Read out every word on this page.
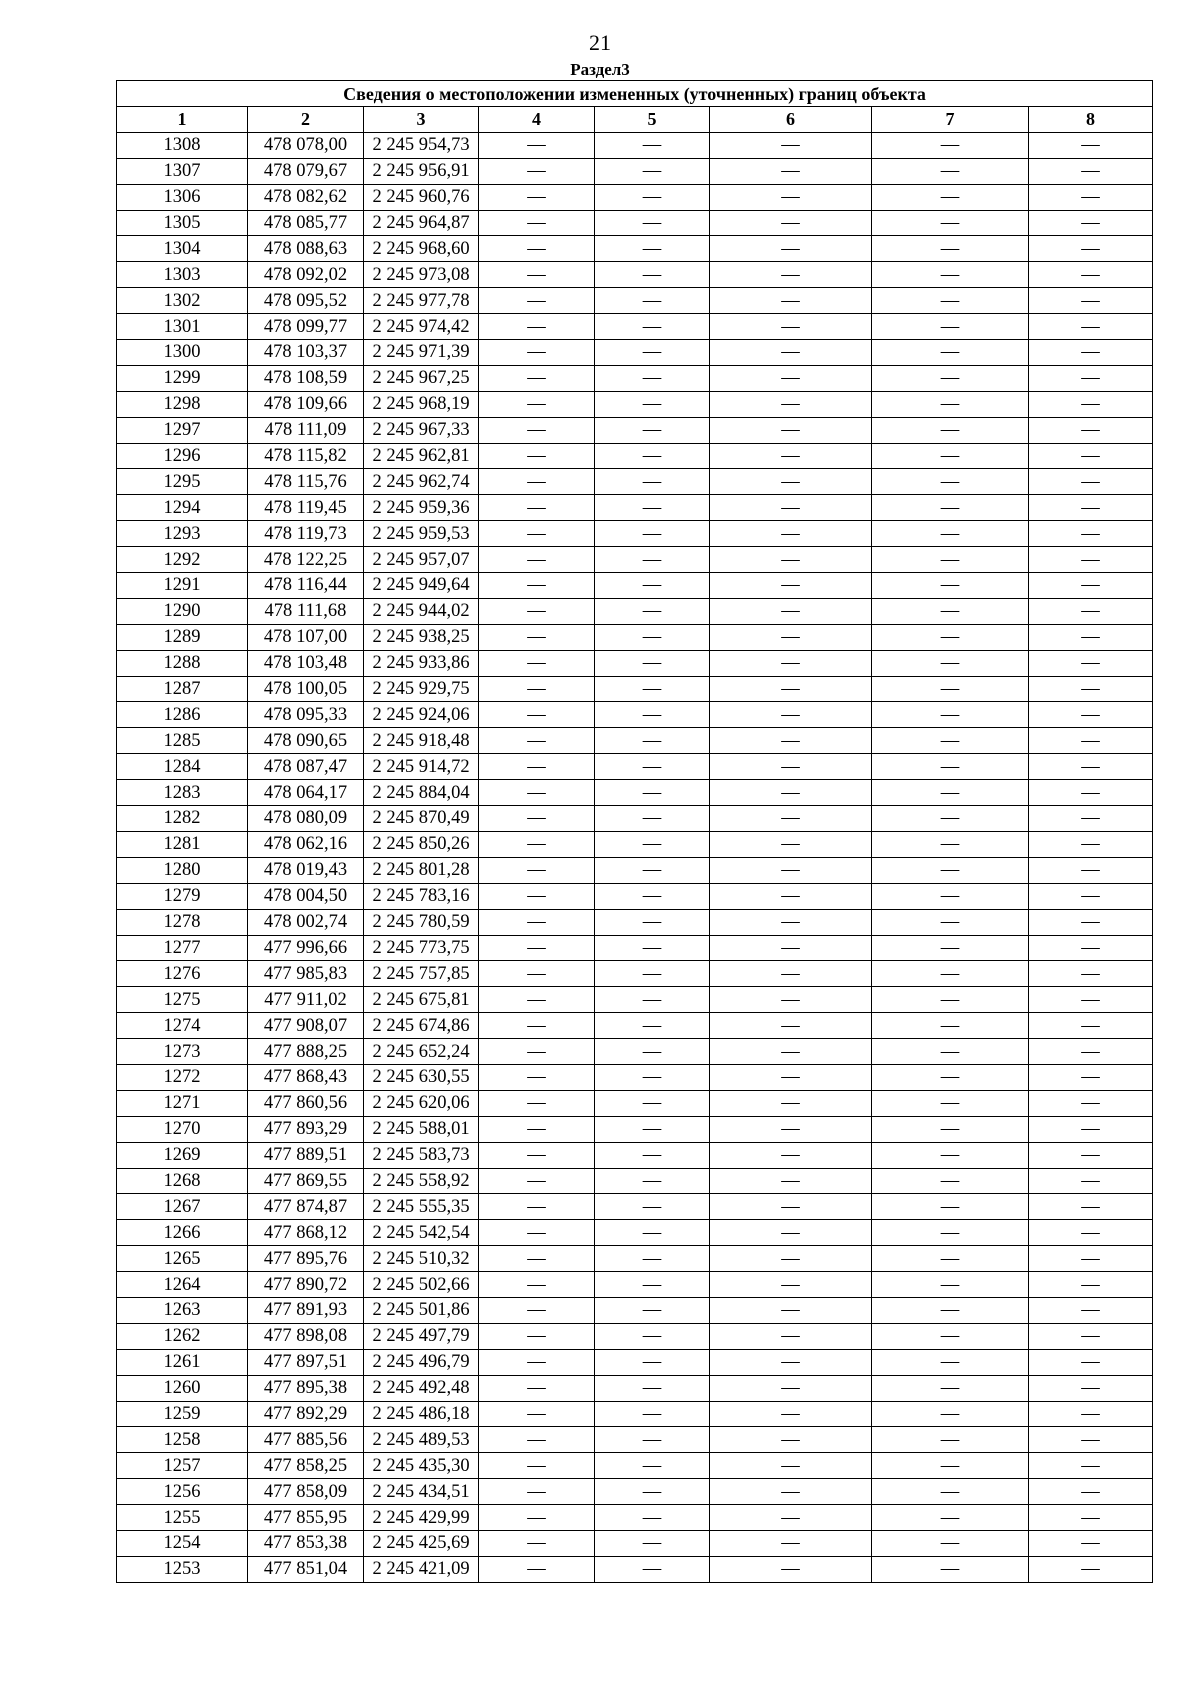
21
Раздел3
Сведения о местоположении измененных (уточненных) границ объекта							
1	2	3	4	5	6	7	8
1308	478 078,00	2 245 954,73	—	—	—	—	—
1307	478 079,67	2 245 956,91	—	—	—	—	—
1306	478 082,62	2 245 960,76	—	—	—	—	—
1305	478 085,77	2 245 964,87	—	—	—	—	—
1304	478 088,63	2 245 968,60	—	—	—	—	—
1303	478 092,02	2 245 973,08	—	—	—	—	—
1302	478 095,52	2 245 977,78	—	—	—	—	—
1301	478 099,77	2 245 974,42	—	—	—	—	—
1300	478 103,37	2 245 971,39	—	—	—	—	—
1299	478 108,59	2 245 967,25	—	—	—	—	—
1298	478 109,66	2 245 968,19	—	—	—	—	—
1297	478 111,09	2 245 967,33	—	—	—	—	—
1296	478 115,82	2 245 962,81	—	—	—	—	—
1295	478 115,76	2 245 962,74	—	—	—	—	—
1294	478 119,45	2 245 959,36	—	—	—	—	—
1293	478 119,73	2 245 959,53	—	—	—	—	—
1292	478 122,25	2 245 957,07	—	—	—	—	—
1291	478 116,44	2 245 949,64	—	—	—	—	—
1290	478 111,68	2 245 944,02	—	—	—	—	—
1289	478 107,00	2 245 938,25	—	—	—	—	—
1288	478 103,48	2 245 933,86	—	—	—	—	—
1287	478 100,05	2 245 929,75	—	—	—	—	—
1286	478 095,33	2 245 924,06	—	—	—	—	—
1285	478 090,65	2 245 918,48	—	—	—	—	—
1284	478 087,47	2 245 914,72	—	—	—	—	—
1283	478 064,17	2 245 884,04	—	—	—	—	—
1282	478 080,09	2 245 870,49	—	—	—	—	—
1281	478 062,16	2 245 850,26	—	—	—	—	—
1280	478 019,43	2 245 801,28	—	—	—	—	—
1279	478 004,50	2 245 783,16	—	—	—	—	—
1278	478 002,74	2 245 780,59	—	—	—	—	—
1277	477 996,66	2 245 773,75	—	—	—	—	—
1276	477 985,83	2 245 757,85	—	—	—	—	—
1275	477 911,02	2 245 675,81	—	—	—	—	—
1274	477 908,07	2 245 674,86	—	—	—	—	—
1273	477 888,25	2 245 652,24	—	—	—	—	—
1272	477 868,43	2 245 630,55	—	—	—	—	—
1271	477 860,56	2 245 620,06	—	—	—	—	—
1270	477 893,29	2 245 588,01	—	—	—	—	—
1269	477 889,51	2 245 583,73	—	—	—	—	—
1268	477 869,55	2 245 558,92	—	—	—	—	—
1267	477 874,87	2 245 555,35	—	—	—	—	—
1266	477 868,12	2 245 542,54	—	—	—	—	—
1265	477 895,76	2 245 510,32	—	—	—	—	—
1264	477 890,72	2 245 502,66	—	—	—	—	—
1263	477 891,93	2 245 501,86	—	—	—	—	—
1262	477 898,08	2 245 497,79	—	—	—	—	—
1261	477 897,51	2 245 496,79	—	—	—	—	—
1260	477 895,38	2 245 492,48	—	—	—	—	—
1259	477 892,29	2 245 486,18	—	—	—	—	—
1258	477 885,56	2 245 489,53	—	—	—	—	—
1257	477 858,25	2 245 435,30	—	—	—	—	—
1256	477 858,09	2 245 434,51	—	—	—	—	—
1255	477 855,95	2 245 429,99	—	—	—	—	—
1254	477 853,38	2 245 425,69	—	—	—	—	—
1253	477 851,04	2 245 421,09	—	—	—	—	—
